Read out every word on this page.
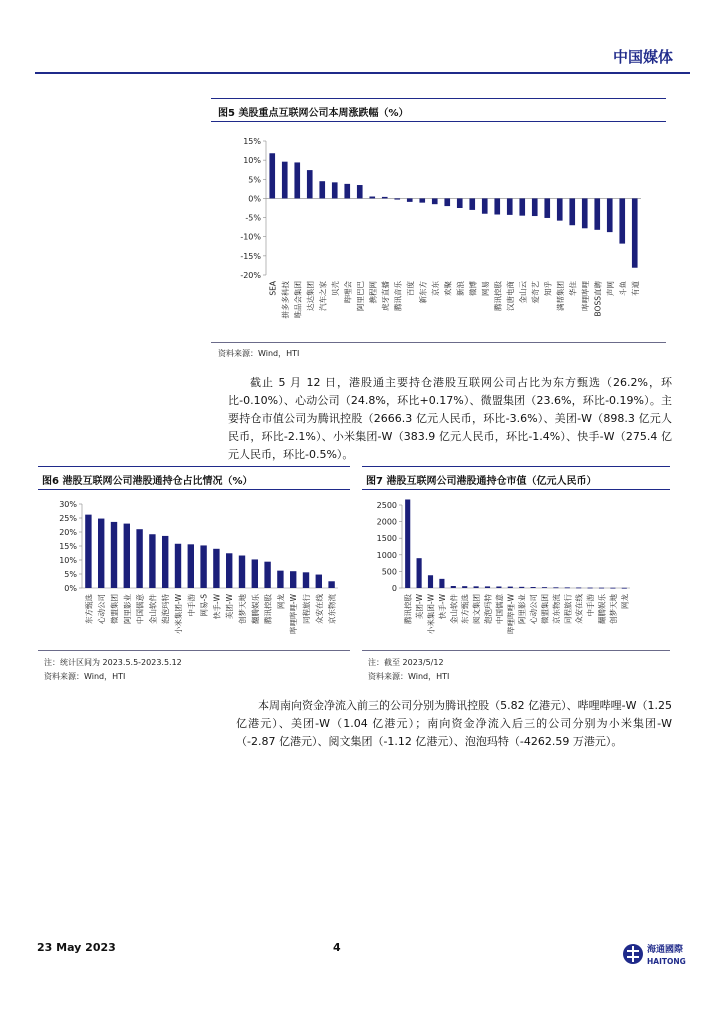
中国媒体
图5 美股重点互联网公司本周涨跌幅（%）
15%
10%
5%
0%
-5%
-10%
-15%
-20%
SEA 拼多多科技 唯品会集团 达达集团 汽车之家 贝壳 哔哩会 阿里巴巴 携程网 虎牙直播 腾讯音乐 百度 新东方 京东 欢聚 新浪 微博 网易 腾讯控股 汉唐电商 金山云 爱奇艺 知乎 满帮集团 华住 哔哩哔哩 BOSS直聘 声网 斗鱼 有道
资料来源：Wind，HTI
截止 5 月 12 日，港股通主要持仓港股互联网公司占比为东方甄选（26.2%，环比-0.10%）、心动公司（24.8%，环比+0.17%）、微盟集团（23.6%，环比-0.19%）。主要持仓市值公司为腾讯控股（2666.3 亿元人民币，环比-3.6%）、美团-W（898.3 亿元人民币，环比-2.1%）、小米集团-W（383.9 亿元人民币，环比-1.4%）、快手-W（275.4 亿元人民币，环比-0.5%）。
图6 港股互联网公司港股通持仓占比情况（%）
30%
25%
20%
15%
10%
5%
0%
东方甄选 心动公司 微盟集团 阿里影业 中国儒意 金山软件 泡泡玛特 小米集团-W 中手游 网易-S 快手-W 美团-W 创梦天地 翻腾娱乐 腾讯控股 网龙 哔哩哔哩-W 同程旅行 众安在线 京东物流
注：统计区间为 2023.5.5-2023.5.12
资料来源：Wind，HTI
图7 港股互联网公司港股通持仓市值（亿元人民币）
2500
2000
1500
1000
500
0
腾讯控股 美团-W 小米集团-W 快手-W 金山软件 东方甄选 阅文集团 泡泡玛特 中国儒意 哔哩哔哩-W 阿里影业 心动公司 微盟集团 京东物流 同程旅行 众安在线 中手游 翻腾娱乐 创梦天地 网龙
注：截至 2023/5/12
资料来源：Wind，HTI
本周南向资金净流入前三的公司分别为腾讯控股（5.82 亿港元）、哔哩哔哩-W（1.25 亿港元）、美团-W（1.04 亿港元）；南向资金净流入后三的公司分别为小米集团-W（-2.87 亿港元）、阅文集团（-1.12 亿港元）、泡泡玛特（-4262.59 万港元）。
23 May 2023	4	海通國際
HAITONG
